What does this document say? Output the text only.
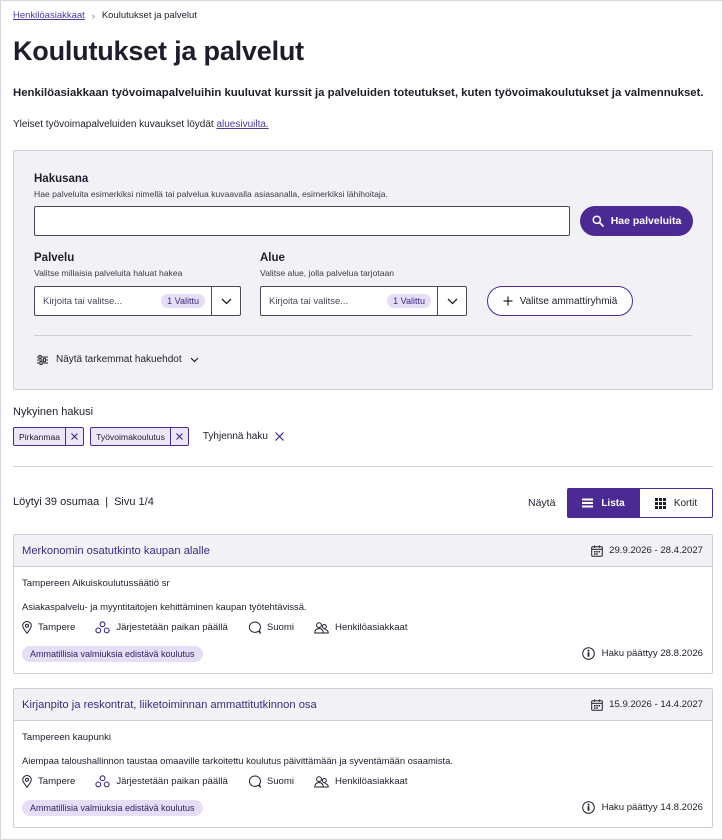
Henkilöasiakkaat › Koulutukset ja palvelut
Koulutukset ja palvelut

Henkilöasiakkaan työvoimapalveluihin kuuluvat kurssit ja palveluiden toteutukset, kuten työvoimakoulutukset ja valmennukset.

Yleiset työvoimapalveluiden kuvaukset löydät aluesivuilta.

Hakusana
Hae palveluita esimerkiksi nimellä tai palvelua kuvaavalla asiasanalla, esimerkiksi lähihoitaja.
Hae palveluita
Palvelu
Valitse millaisia palveluita haluat hakea
Kirjoita tai valitse...	1 Valittu
Alue
Valitse alue, jolla palvelua tarjotaan
Kirjoita tai valitse...	1 Valittu	Valitse ammattiryhmiä
Näytä tarkemmat hakuehdot
Nykyinen hakusi
Pirkanmaa	Työvoimakoulutus	Tyhjennä haku
Löytyi 39 osumaa | Sivu 1/4	Näytä	Lista	Kortit
Merkonomin osatutkinto kaupan alalle	29.9.2026 - 28.4.2027
Tampereen Aikuiskoulutussäätiö sr
Asiakaspalvelu- ja myyntitaitojen kehittäminen kaupan työtehtävissä.
Tampere	Järjestetään paikan päällä	Suomi	Henkilöasiakkaat
Ammatillisia valmiuksia edistävä koulutus	Haku päättyy 28.8.2026
Kirjanpito ja reskontrat, liiketoiminnan ammattitutkinnon osa	15.9.2026 - 14.4.2027
Tampereen kaupunki
Aiempaa taloushallinnon taustaa omaaville tarkoitettu koulutus päivittämään ja syventämään osaamista.
Tampere	Järjestetään paikan päällä	Suomi	Henkilöasiakkaat
Ammatillisia valmiuksia edistävä koulutus	Haku päättyy 14.8.2026
